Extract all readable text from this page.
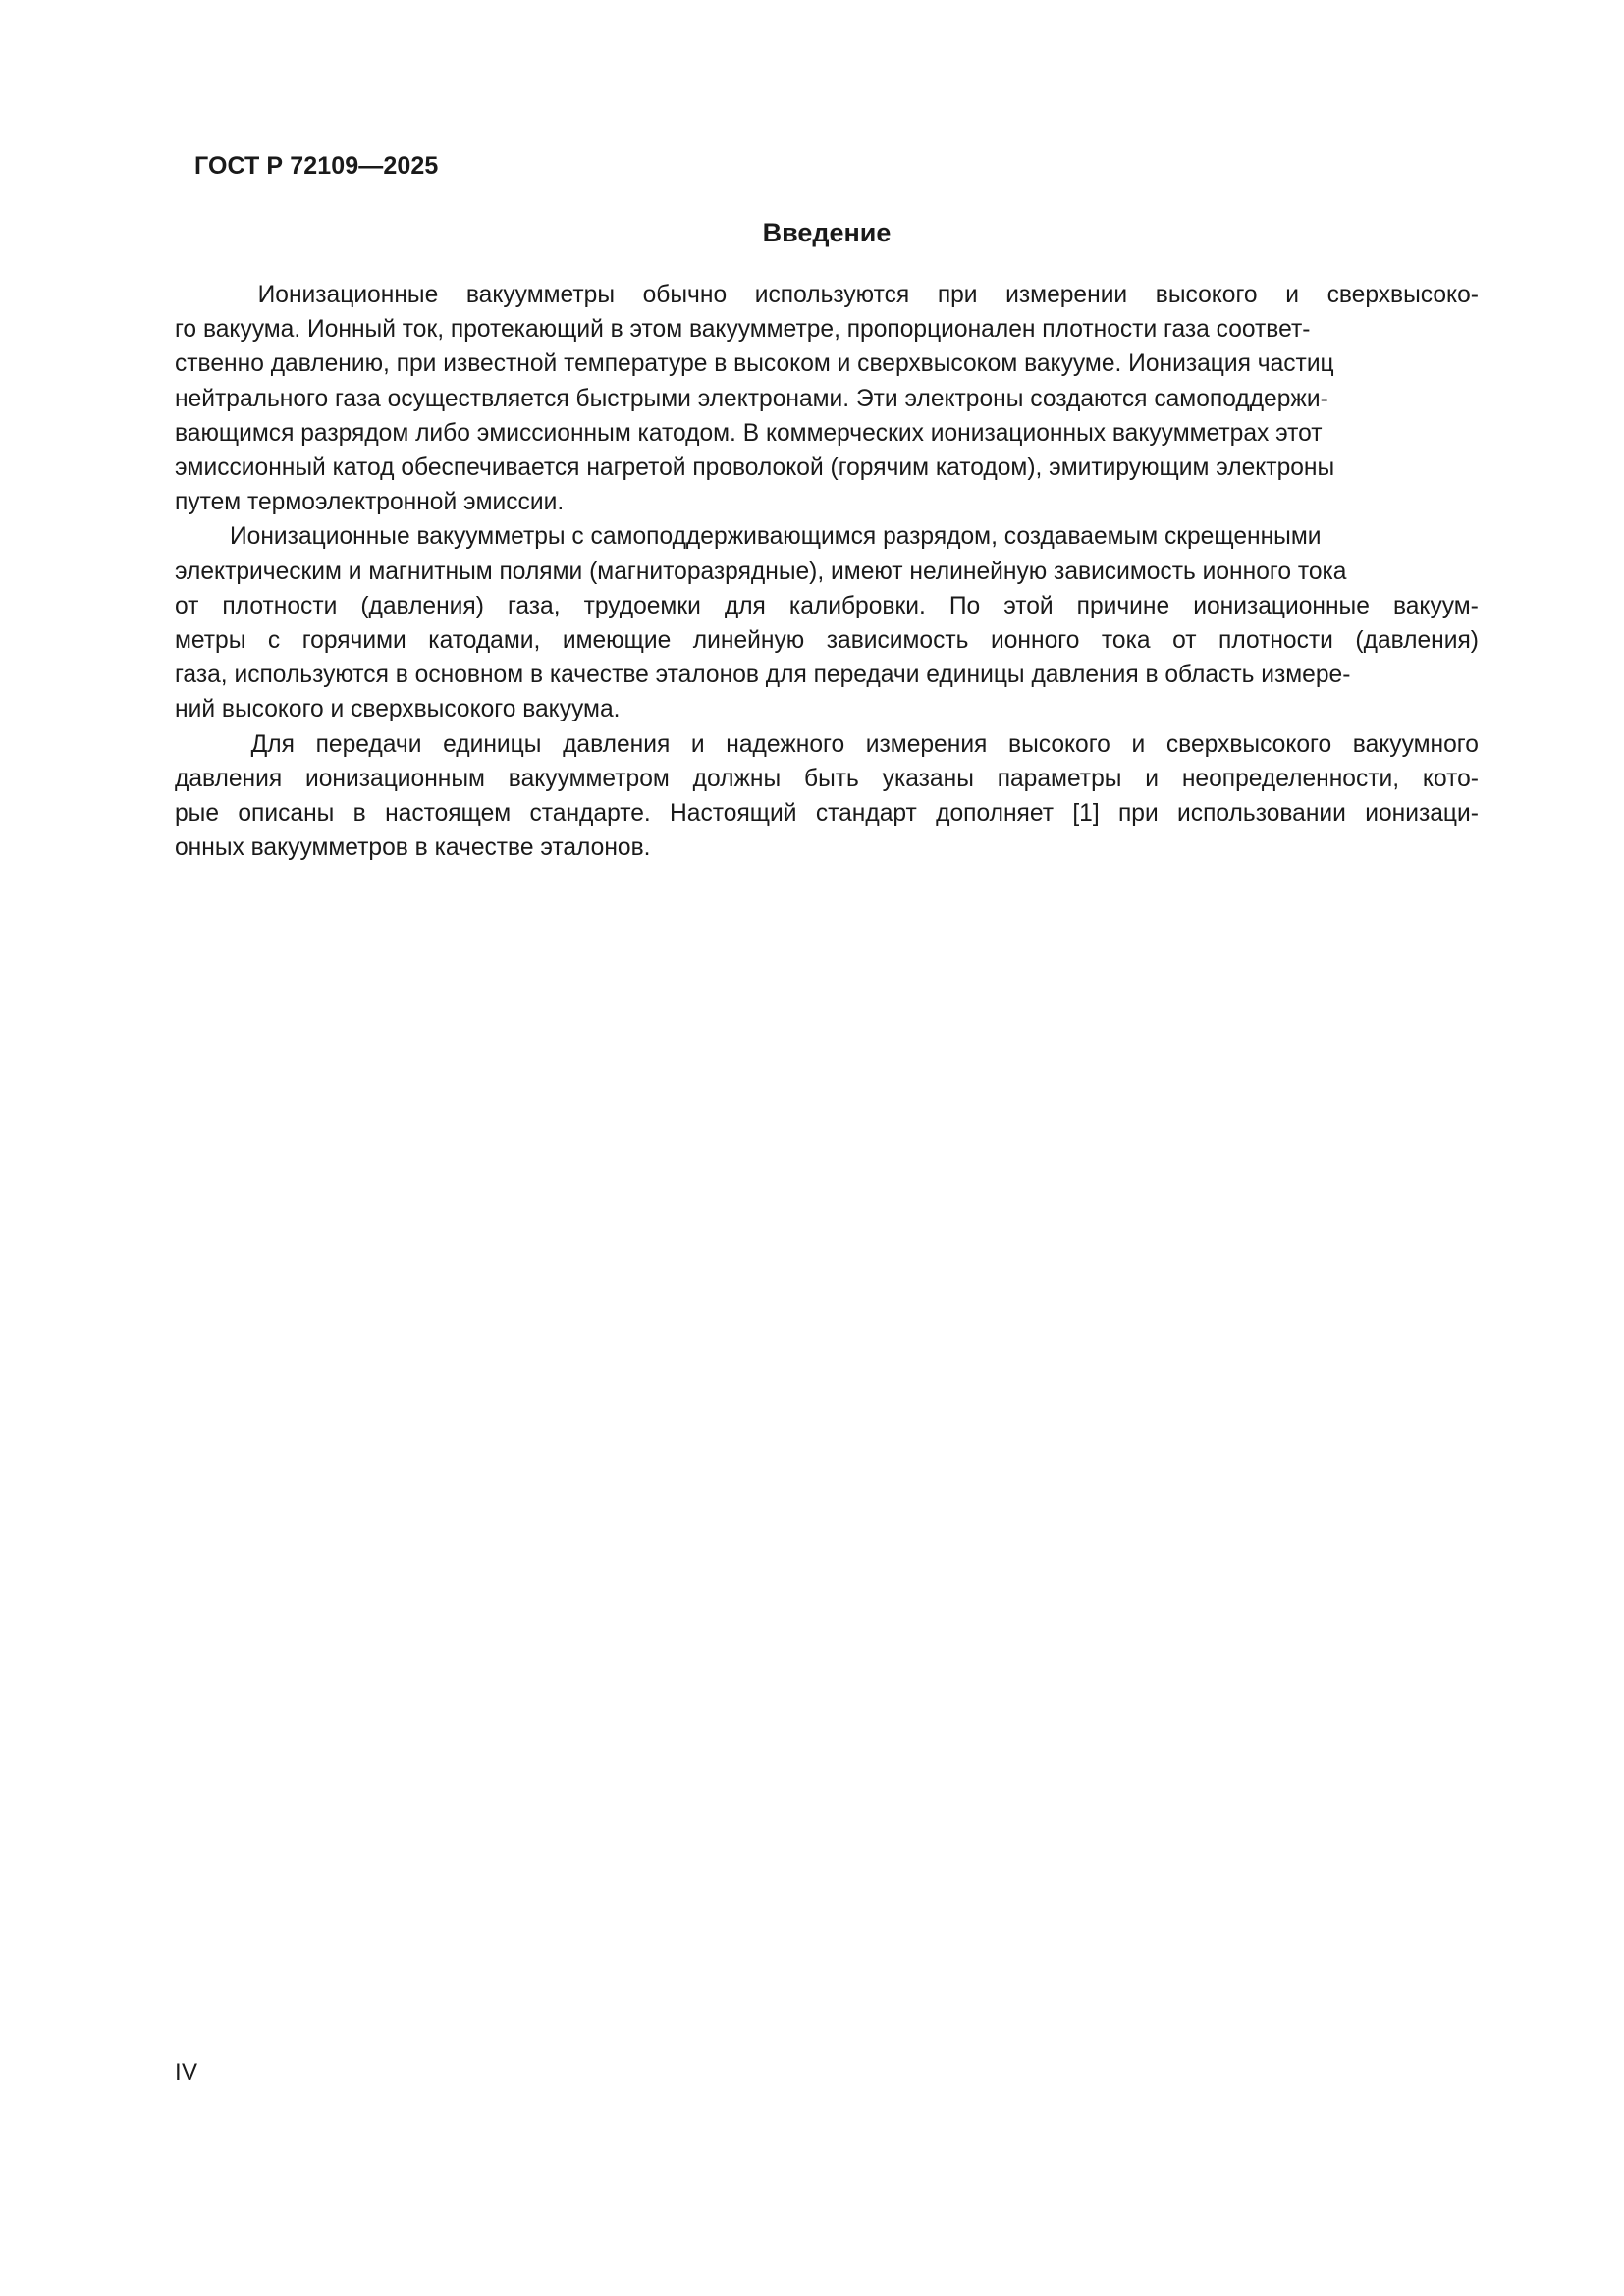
ГОСТ Р 72109—2025
Введение

Ионизационные вакуумметры обычно используются при измерении высокого и сверхвысоко-
го вакуума. Ионный ток, протекающий в этом вакуумметре, пропорционален плотности газа соответ-
ственно давлению, при известной температуре в высоком и сверхвысоком вакууме. Ионизация частиц
нейтрального газа осуществляется быстрыми электронами. Эти электроны создаются самоподдержи-
вающимся разрядом либо эмиссионным катодом. В коммерческих ионизационных вакуумметрах этот
эмиссионный катод обеспечивается нагретой проволокой (горячим катодом), эмитирующим электроны
путем термоэлектронной эмиссии.

Ионизационные вакуумметры с самоподдерживающимся разрядом, создаваемым скрещенными
электрическим и магнитным полями (магниторазрядные), имеют нелинейную зависимость ионного тока
от плотности (давления) газа, трудоемки для калибровки. По этой причине ионизационные вакуум-
метры с горячими катодами, имеющие линейную зависимость ионного тока от плотности (давления)
газа, используются в основном в качестве эталонов для передачи единицы давления в область измере-
ний высокого и сверхвысокого вакуума.

Для передачи единицы давления и надежного измерения высокого и сверхвысокого вакуумного
давления ионизационным вакуумметром должны быть указаны параметры и неопределенности, кото-
рые описаны в настоящем стандарте. Настоящий стандарт дополняет [1] при использовании ионизаци-
онных вакуумметров в качестве эталонов.

IV
